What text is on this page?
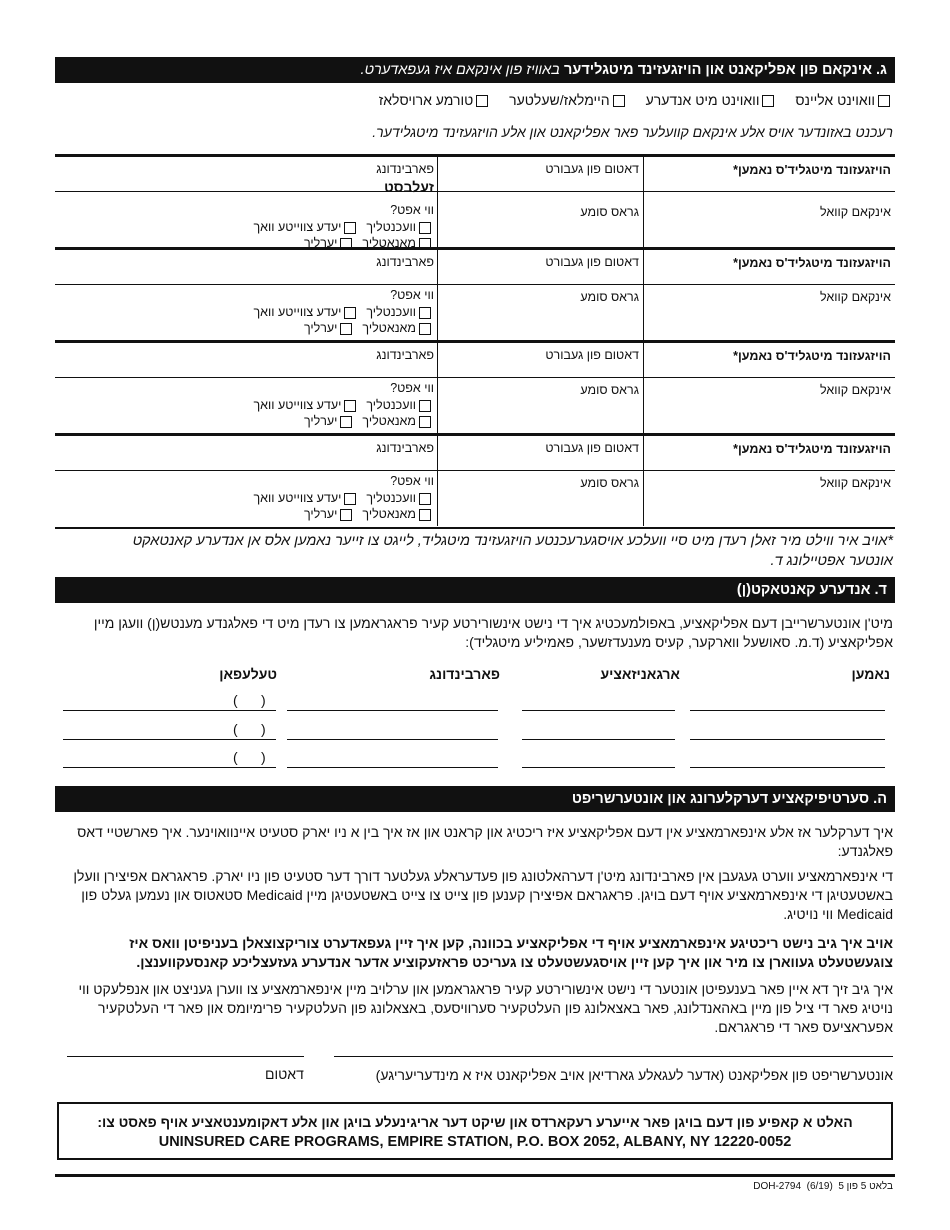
ג. אינקאם פון אפליקאנט און הויזגעזינד מיטגלידער באוויז פון אינקאם איז געפאדערט.
וואוינט אליינס וואוינט מיט אנדערע היימלאז/שעלטער טורמע ארויסלאז
רעכנט באזונדער אויס אלע אינקאם קוועלער פאר אפליקאנט און אלע הויזגעזינד מיטגלידער.
הויזגעזונד מיטגליד'ס נאמען*
דאטום פון געבורט
פארבינדונג
זעלבסט
אינקאם קוואל
גראס סומע
ווי אפט?
וועכנטליך  יעדע צווייטע וואך
מאנאטליך  יערליך
הויזגעזונד מיטגליד'ס נאמען*
דאטום פון געבורט
פארבינדונג
אינקאם קוואל
גראס סומע
ווי אפט?
וועכנטליך  יעדע צווייטע וואך
מאנאטליך  יערליך
הויזגעזונד מיטגליד'ס נאמען*
דאטום פון געבורט
פארבינדונג
אינקאם קוואל
גראס סומע
ווי אפט?
וועכנטליך  יעדע צווייטע וואך
מאנאטליך  יערליך
הויזגעזונד מיטגליד'ס נאמען*
דאטום פון געבורט
פארבינדונג
אינקאם קוואל
גראס סומע
ווי אפט?
וועכנטליך  יעדע צווייטע וואך
מאנאטליך  יערליך
*אויב איר ווילט מיר זאלן רעדן מיט סיי וועלכע אויסגערעכנטע הויזגעזינד מיטגליד, לייגט צו זייער נאמען אלס אן אנדערע קאנטאקט
אונטער אפטיילונג ד.
ד. אנדערע קאנטאקט(ן)
מיט'ן אונטערשרייבן דעם אפליקאציע, באפולמעכטיג איך די נישט אינשורירטע קעיר פראגראמען צו רעדן מיט די פאלגנדע מענטש(ן) וועגן מיין
אפליקאציע (ד.מ. סאושעל ווארקער, קעיס מענעדזשער, פאמיליע מיטגליד):
נאמען
ארגאניזאציע
פארבינדונג
טעלעפאן
(      )
(      )
(      )
ה. סערטיפיקאציע דערקלערונג און אונטערשריפט
איך דערקלער אז אלע אינפארמאציע אין דעם אפליקאציע איז ריכטיג און קראנט און אז איך בין א ניו יארק סטעיט איינוואוינער. איך פארשטיי דאס פאלגנדע:
די אינפארמאציע ווערט געגעבן אין פארבינדונג מיט'ן דערהאלטונג פון פעדעראלע געלטער דורך דער סטעיט פון ניו יארק. פראגראם אפיצירן וועלן באשטעטיגן די אינפארמאציע אויף דעם בויגן. פראגראם אפיצירן קענען פון צייט צו צייט באשטעטיגן מיין Medicaid סטאטוס און נעמען געלט פון Medicaid ווי נויטיג.
אויב איך גיב נישט ריכטיגע אינפארמאציע אויף די אפליקאציע בכוונה, קען איך זיין געפאדערט צוריקצוצאלן בעניפיטן וואס איז צוגעשטעלט געווארן צו מיר און איך קען זיין אויסגעשטעלט צו געריכט פראזעקוציע אדער אנדערע געזעצליכע קאנסעקווענצן.
איך גיב זיך דא איין פאר בענעפיטן אונטער די נישט אינשורירטע קעיר פראגראמען און ערלויב מיין אינפארמאציע צו ווערן געניצט און אנפלעקט ווי נויטיג פאר די ציל פון מיין באהאנדלונג, פאר באצאלונג פון העלטקעיר סערוויסעס, באצאלונג פון העלטקעיר פרימיומס און פאר די העלטקעיר אפעראציעס פאר די פראגראם.
אונטערשריפט פון אפליקאנט (אדער לעגאלע גארדיאן אויב אפליקאנט איז א מינדעריעריגע)
דאטום
האלט א קאפיע פון דעם בויגן פאר אייערע רעקארדס און שיקט דער אריגינעלע בויגן און אלע דאקומענטאציע אויף פאסט צו:
UNINSURED CARE PROGRAMS, EMPIRE STATION, P.O. BOX 2052, ALBANY, NY 12220-0052
בלאט 5 פון 5  (6/19)  DOH-2794
